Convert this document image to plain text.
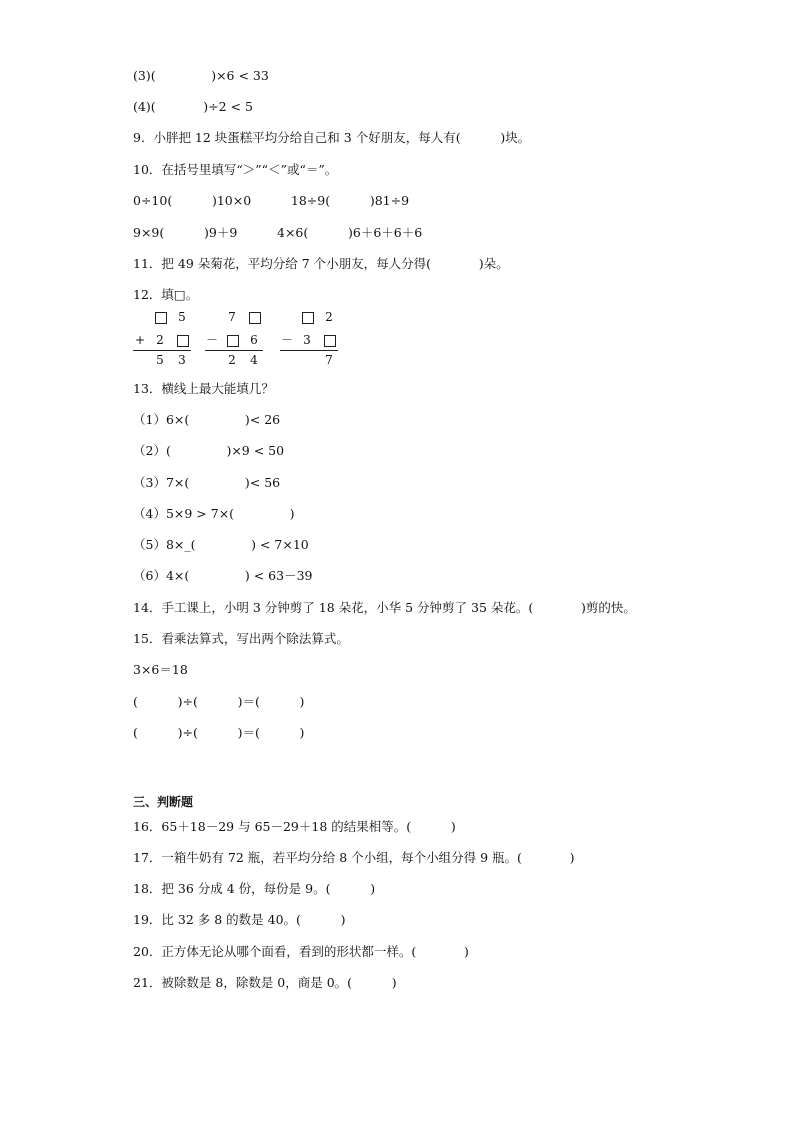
(3)(              )×6 < 33
(4)(            )÷2 < 5
9．小胖把 12 块蛋糕平均分给自己和 3 个好朋友，每人有(          )块。
10．在括号里填写“＞”“＜”或“＝”。
0÷10(          )10×0          18÷9(          )81÷9
9×9(          )9＋9          4×6(          )6＋6＋6＋6
11．把 49 朵菊花，平均分给 7 个小朋友，每人分得(            )朵。
12．填□。
13．横线上最大能填几？
（1）6×(              )< 26
（2）(              )×9 < 50
（3）7×(              )< 56
（4）5×9 > 7×(              )
（5）8×_(              ) < 7×10
（6）4×(              ) < 63－39
14．手工课上，小明 3 分钟剪了 18 朵花，小华 5 分钟剪了 35 朵花。(            )剪的快。
15．看乘法算式，写出两个除法算式。
3×6＝18
(          )÷(          )＝(          )
(          )÷(          )＝(          )
三、判断题
16．65＋18－29 与 65－29＋18 的结果相等。(          )
17．一箱牛奶有 72 瓶，若平均分给 8 个小组，每个小组分得 9 瓶。(            )
18．把 36 分成 4 份，每份是 9。(          )
19．比 32 多 8 的数是 40。(          )
20．正方体无论从哪个面看，看到的形状都一样。(            )
21．被除数是 8，除数是 0，商是 0。(          )
5
2
5 3
+
7
6
2 4
－
2
3
7
－
